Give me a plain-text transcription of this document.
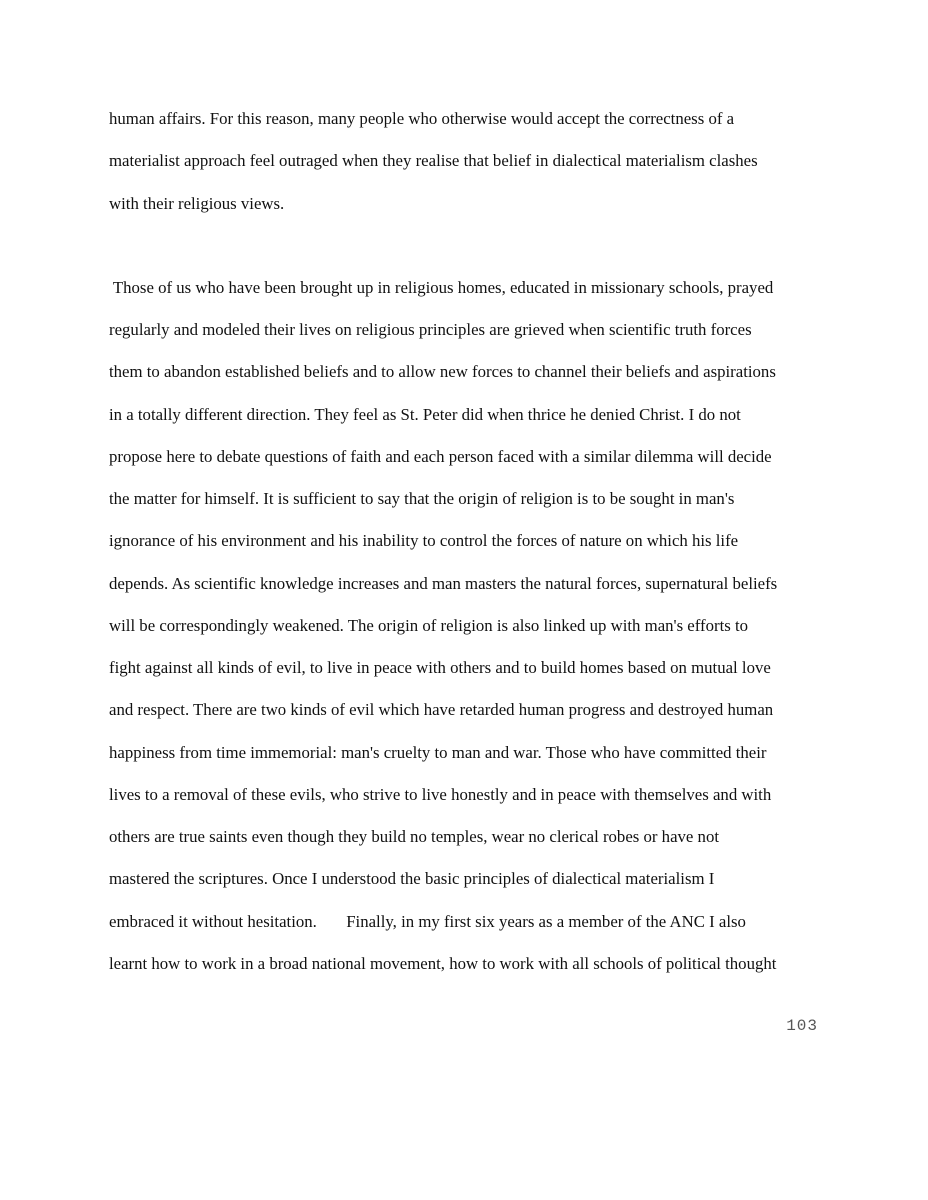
human affairs. For this reason, many people who otherwise would accept the correctness of a
materialist approach feel outraged when they realise that belief in dialectical materialism clashes
with their religious views.
Those of us who have been brought up in religious homes, educated in missionary schools, prayed
regularly and modeled their lives on religious principles are grieved when scientific truth forces
them to abandon established beliefs and to allow new forces to channel their beliefs and aspirations
in a totally different direction. They feel as St. Peter did when thrice he denied Christ. I do not
propose here to debate questions of faith and each person faced with a similar dilemma will decide
the matter for himself. It is sufficient to say that the origin of religion is to be sought in man's
ignorance of his environment and his inability to control the forces of nature on which his life
depends. As scientific knowledge increases and man masters the natural forces, supernatural beliefs
will be correspondingly weakened. The origin of religion is also linked up with man's efforts to
fight against all kinds of evil, to live in peace with others and to build homes based on mutual love
and respect. There are two kinds of evil which have retarded human progress and destroyed human
happiness from time immemorial: man's cruelty to man and war. Those who have committed their
lives to a removal of these evils, who strive to live honestly and in peace with themselves and with
others are true saints even though they build no temples, wear no clerical robes or have not
mastered the scriptures. Once I understood the basic principles of dialectical materialism I
embraced it without hesitation.       Finally, in my first six years as a member of the ANC I also
learnt how to work in a broad national movement, how to work with all schools of political thought
103
